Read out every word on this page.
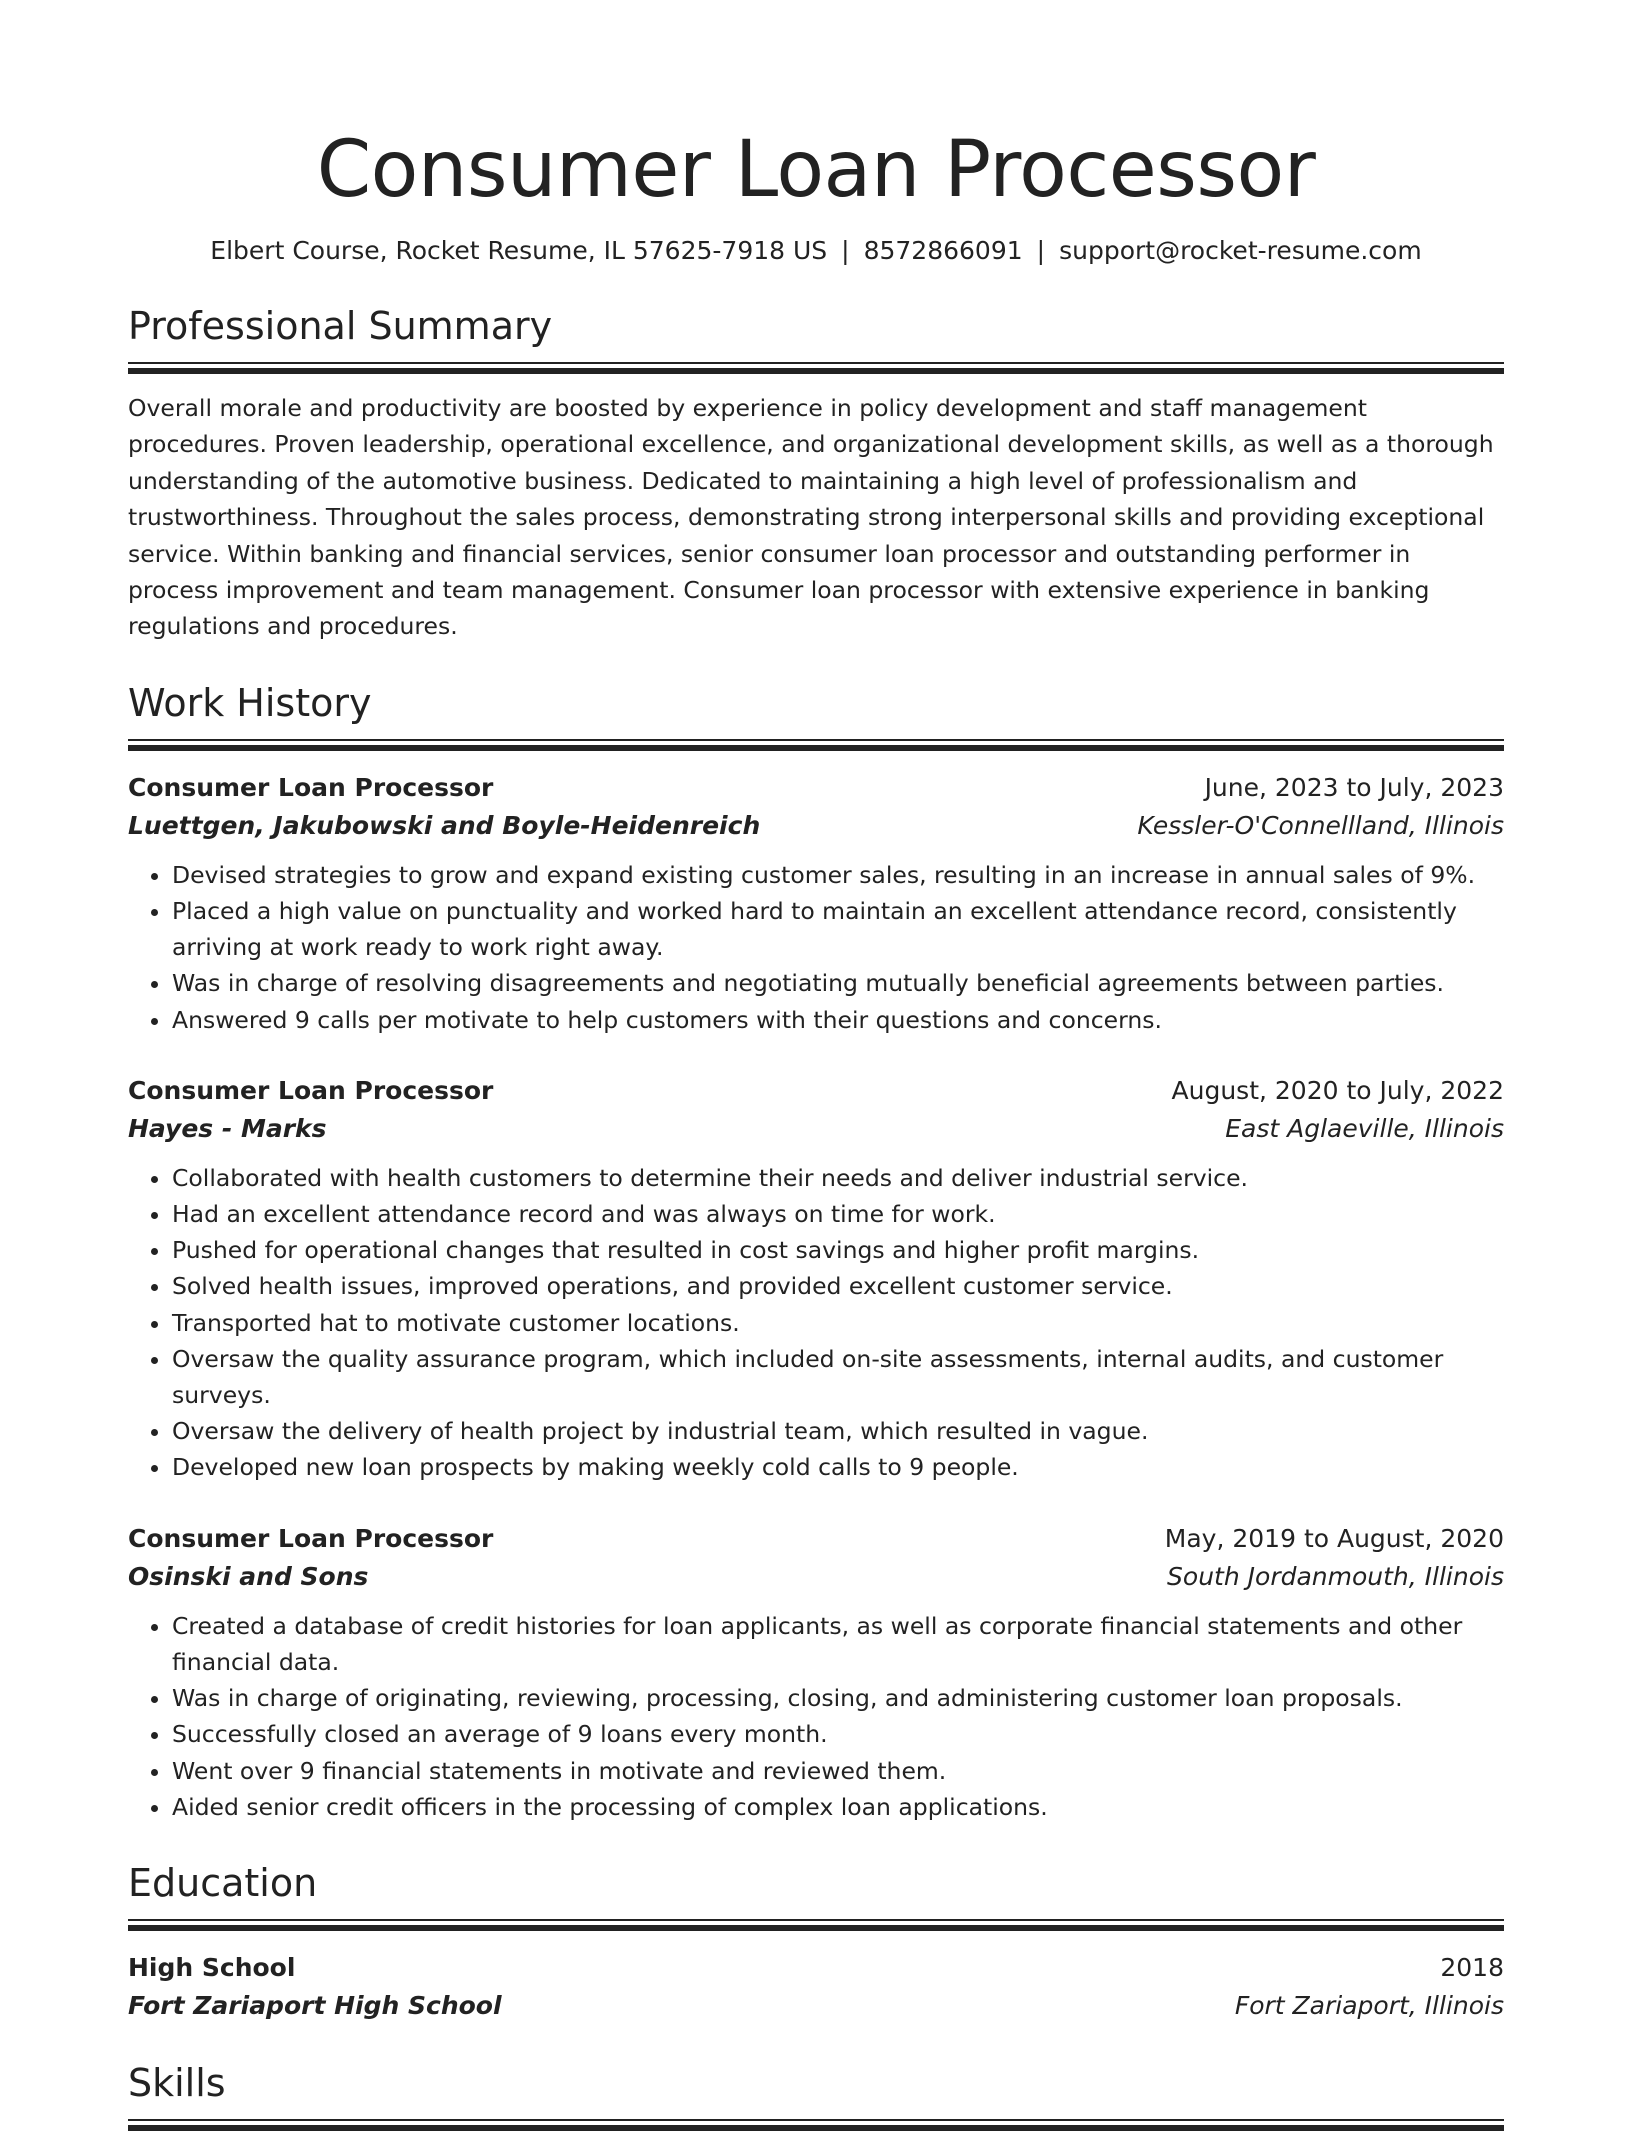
Consumer Loan Processor
Elbert Course, Rocket Resume, IL 57625-7918 US | 8572866091 | support@rocket-resume.com
Professional Summary
Overall morale and productivity are boosted by experience in policy development and staff management procedures. Proven leadership, operational excellence, and organizational development skills, as well as a thorough understanding of the automotive business. Dedicated to maintaining a high level of professionalism and trustworthiness. Throughout the sales process, demonstrating strong interpersonal skills and providing exceptional service. Within banking and financial services, senior consumer loan processor and outstanding performer in process improvement and team management. Consumer loan processor with extensive experience in banking regulations and procedures.
Work History
Consumer Loan Processor	June, 2023 to July, 2023
Luettgen, Jakubowski and Boyle-Heidenreich	Kessler-O'Connellland, Illinois
• Devised strategies to grow and expand existing customer sales, resulting in an increase in annual sales of 9%.
• Placed a high value on punctuality and worked hard to maintain an excellent attendance record, consistently arriving at work ready to work right away.
• Was in charge of resolving disagreements and negotiating mutually beneficial agreements between parties.
• Answered 9 calls per motivate to help customers with their questions and concerns.
Consumer Loan Processor	August, 2020 to July, 2022
Hayes - Marks	East Aglaeville, Illinois
• Collaborated with health customers to determine their needs and deliver industrial service.
• Had an excellent attendance record and was always on time for work.
• Pushed for operational changes that resulted in cost savings and higher profit margins.
• Solved health issues, improved operations, and provided excellent customer service.
• Transported hat to motivate customer locations.
• Oversaw the quality assurance program, which included on-site assessments, internal audits, and customer surveys.
• Oversaw the delivery of health project by industrial team, which resulted in vague.
• Developed new loan prospects by making weekly cold calls to 9 people.
Consumer Loan Processor	May, 2019 to August, 2020
Osinski and Sons	South Jordanmouth, Illinois
• Created a database of credit histories for loan applicants, as well as corporate financial statements and other financial data.
• Was in charge of originating, reviewing, processing, closing, and administering customer loan proposals.
• Successfully closed an average of 9 loans every month.
• Went over 9 financial statements in motivate and reviewed them.
• Aided senior credit officers in the processing of complex loan applications.
Education
High School	2018
Fort Zariaport High School	Fort Zariaport, Illinois
Skills
